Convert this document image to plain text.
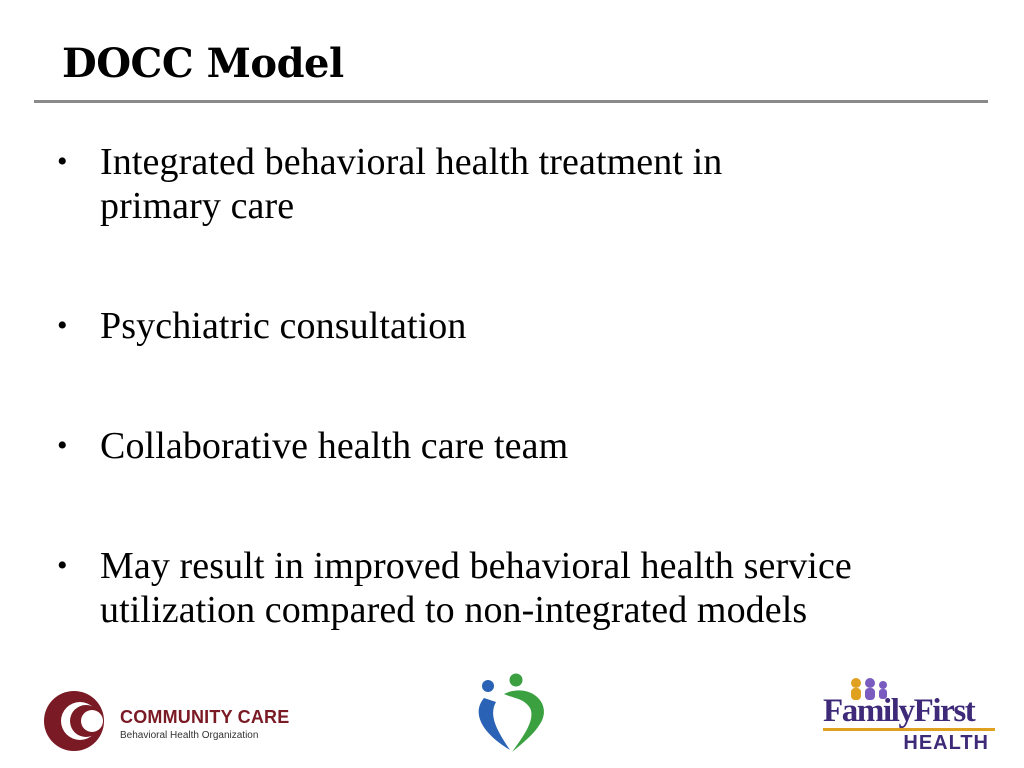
DOCC Model
• Integrated behavioral health treatment in
primary care
• Psychiatric consultation
• Collaborative health care team
• May result in improved behavioral health service
utilization compared to non-integrated models
COMMUNITY CARE
Behavioral Health Organization
FamilyFirst
HEALTH
